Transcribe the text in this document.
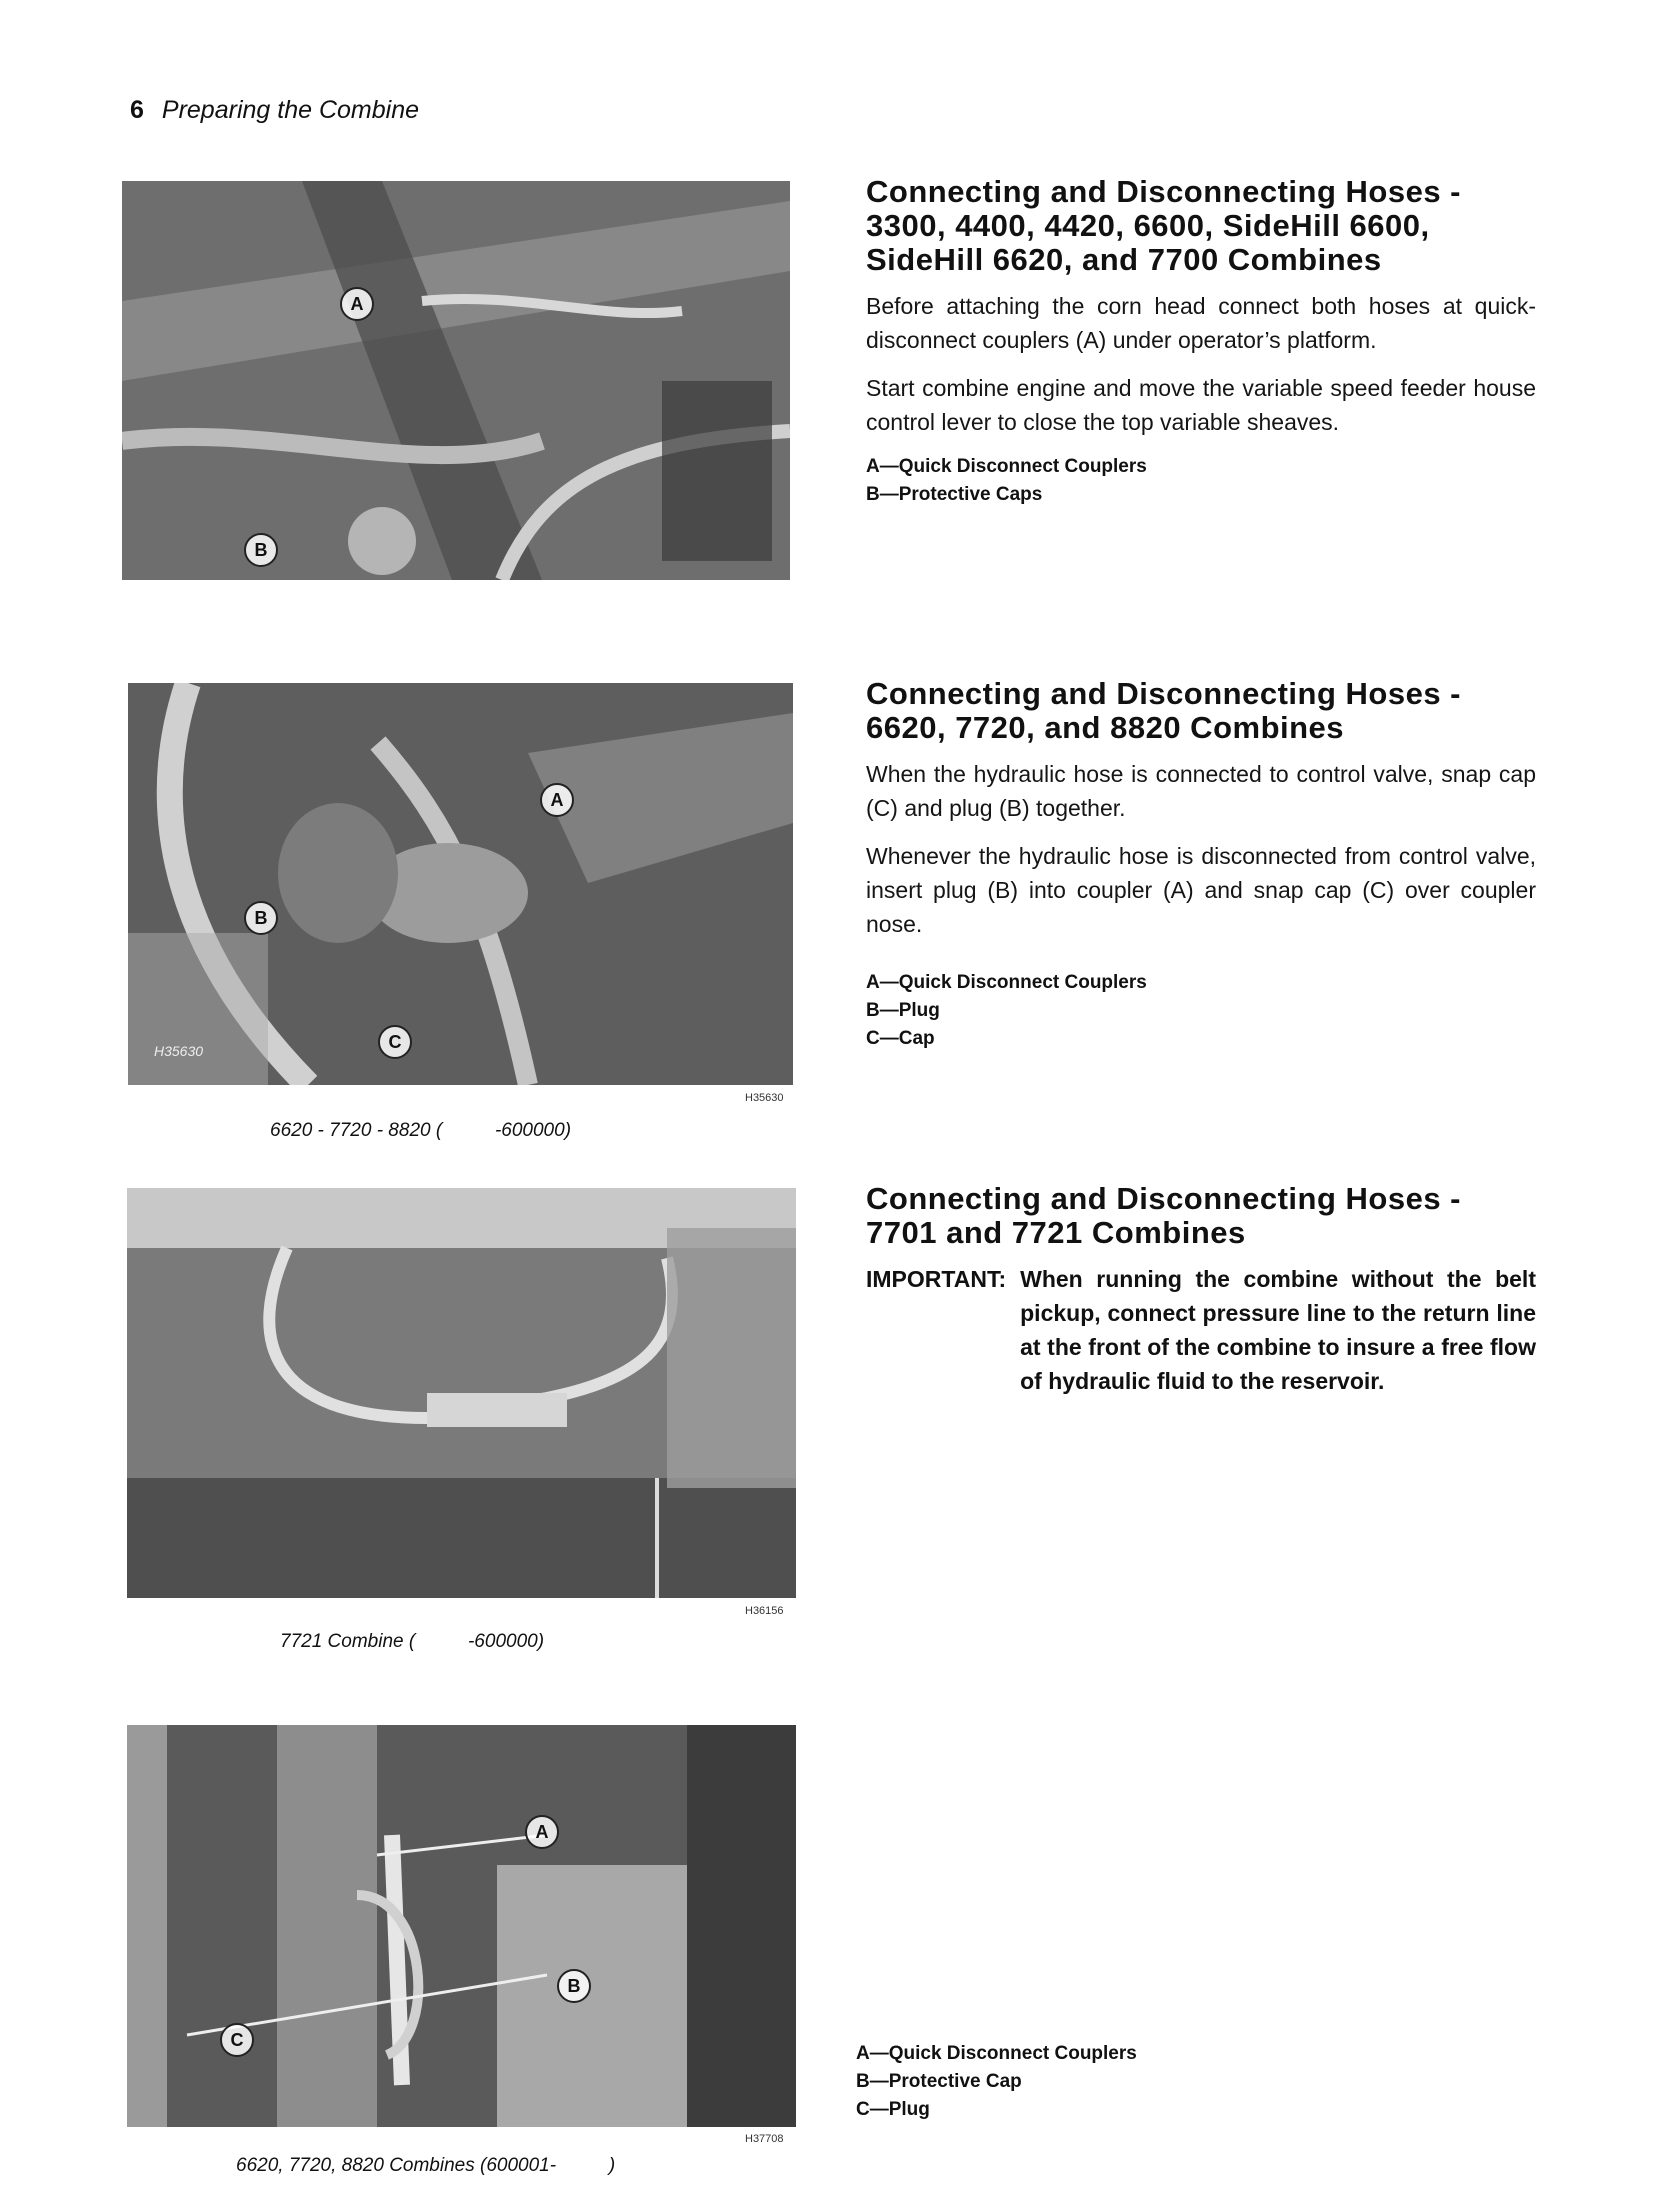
6 Preparing the Combine
A
B
Connecting and Disconnecting Hoses - 3300, 4400, 4420, 6600, SideHill 6600, SideHill 6620, and 7700 Combines

Before attaching the corn head connect both hoses at quick-disconnect couplers (A) under operator’s platform.

Start combine engine and move the variable speed feeder house control lever to close the top variable sheaves.

A—Quick Disconnect Couplers
B—Protective Caps
A
B
C
H35630
H35630
6620 - 7720 - 8820 (          -600000)
Connecting and Disconnecting Hoses - 6620, 7720, and 8820 Combines

When the hydraulic hose is connected to control valve, snap cap (C) and plug (B) together.

Whenever the hydraulic hose is disconnected from control valve, insert plug (B) into coupler (A) and snap cap (C) over coupler nose.

A—Quick Disconnect Couplers
B—Plug
C—Cap
H36156
7721 Combine (          -600000)
Connecting and Disconnecting Hoses - 7701 and 7721 Combines
IMPORTANT: When running the combine without the belt pickup, connect pressure line to the return line at the front of the combine to insure a free flow of hydraulic fluid to the reservoir.
A
B
C
H37708
6620, 7720, 8820 Combines (600001-          )
A—Quick Disconnect Couplers
B—Protective Cap
C—Plug
